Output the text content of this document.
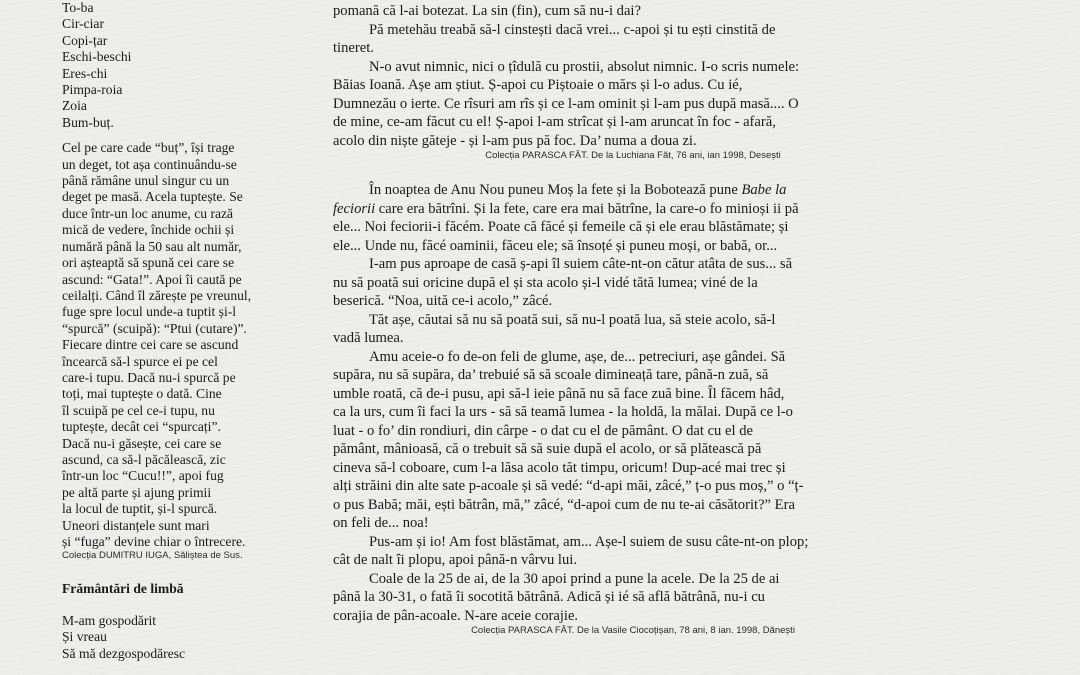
To-ba
Cir-ciar
Copi-țar
Eschi-beschi
Eres-chi
Pimpa-roia
Zoia
Bum-buț.
Cel pe care cade “buț”, își trage
un deget, tot așa continuându-se
până rămâne unul singur cu un
deget pe masă. Acela tuptește. Se
duce într-un loc anume, cu rază
mică de vedere, închide ochii și
numără până la 50 sau alt număr,
ori așteaptă să spună cei care se
ascund: “Gata!”. Apoi îi caută pe
ceilalți. Când îl zărește pe vreunul,
fuge spre locul unde-a tuptit și-l
“spurcă” (scuipă): “Ptui (cutare)”.
Fiecare dintre cei care se ascund
încearcă să-l spurce ei pe cel
care-i tupu. Dacă nu-i spurcă pe
toți, mai tuptește o dată. Cine
îl scuipă pe cel ce-i tupu, nu
tuptește, decât cei “spurcați”.
Dacă nu-i găsește, cei care se
ascund, ca să-l păcălească, zic
într-un loc “Cucu!!”, apoi fug
pe altă parte și ajung primii
la locul de tuptit, și-l spurcă.
Uneori distanțele sunt mari
și “fuga” devine chiar o întrecere.
Colecția DUMITRU IUGA, Săliștea de Sus.
Frământări de limbă
M-am gospodărit
Și vreau
Să mă dezgospodăresc
pomană că l-ai botezat. La sin (fin), cum să nu-i dai?
Pă metehău treabă să-l cinstești dacă vrei... c-apoi și tu ești cinstită de
tineret.
N-o avut nimnic, nici o țîdulă cu prostii, absolut nimnic. I-o scris numele:
Băias Ioană. Așe am știut. Ș-apoi cu Piștoaie o mărs și l-o adus. Cu ié,
Dumnezău o ierte. Ce rîsuri am rîs și ce l-am ominit și l-am pus după masă.... O
de mine, ce-am făcut cu el! Ș-apoi l-am strîcat și l-am aruncat în foc - afară,
acolo din niște găteje - și l-am pus pă foc. Da’ numa a doua zi.
Colecția PARASCA FĂT. De la Luchiana Făt, 76 ani, ian 1998, Desești
În noaptea de Anu Nou puneu Moș la fete și la Bobotează pune Babe la
feciorii care era bătrîni. Și la fete, care era mai bătrîne, la care-o fo minioși ii pă
ele... Noi feciorii-i făcém. Poate că făcé și femeile că și ele erau blăstămate; și
ele... Unde nu, făcé oaminii, făceu ele; să însoțé și puneu moși, or babă, or...
I-am pus aproape de casă ș-api îl suiem câte-nt-on cătur atâta de sus... să
nu să poată sui oricine după el și sta acolo și-l vidé tătă lumea; viné de la
beserică. “Noa, uită ce-i acolo,” zâcé.
Tăt așe, căutai să nu să poată sui, să nu-l poată lua, să steie acolo, să-l
vadă lumea.
Amu aceie-o fo de-on feli de glume, așe, de... petreciuri, așe gândei. Să
supăra, nu să supăra, da’ trebuié să să scoale dimineață tare, până-n zuă, să
umble roată, că de-i pusu, api să-l ieie până nu să face zuă bine. Îl făcem hâd,
ca la urs, cum îi faci la urs - să să teamă lumea - la holdă, la mălai. După ce l-o
luat - o fo’ din rondiuri, din cârpe - o dat cu el de pământ. O dat cu el de
pământ, mânioasă, că o trebuit să să suie după el acolo, or să plătească pă
cineva să-l coboare, cum l-a lăsa acolo tăt timpu, oricum! Dup-acé mai trec și
alți străini din alte sate p-acoale și să vedé: “d-api măi, zâcé,” ț-o pus moș,” o “ț-
o pus Babă; măi, ești bătrân, mă,” zâcé, “d-apoi cum de nu te-ai căsătorit?” Era
on feli de... noa!
Pus-am și io! Am fost blăstămat, am... Așe-l suiem de susu câte-nt-on plop;
cât de nalt îi plopu, apoi până-n vârvu lui.
Coale de la 25 de ai, de la 30 apoi prind a pune la acele. De la 25 de ai
până la 30-31, o fată îi socotită bătrână. Adică și ié să află bătrână, nu-i cu
corajia de pân-acoale. N-are aceie corajie.
Colecția PARASCA FĂT. De la Vasile Ciocoțișan, 78 ani, 8 ian. 1998, Dănești
